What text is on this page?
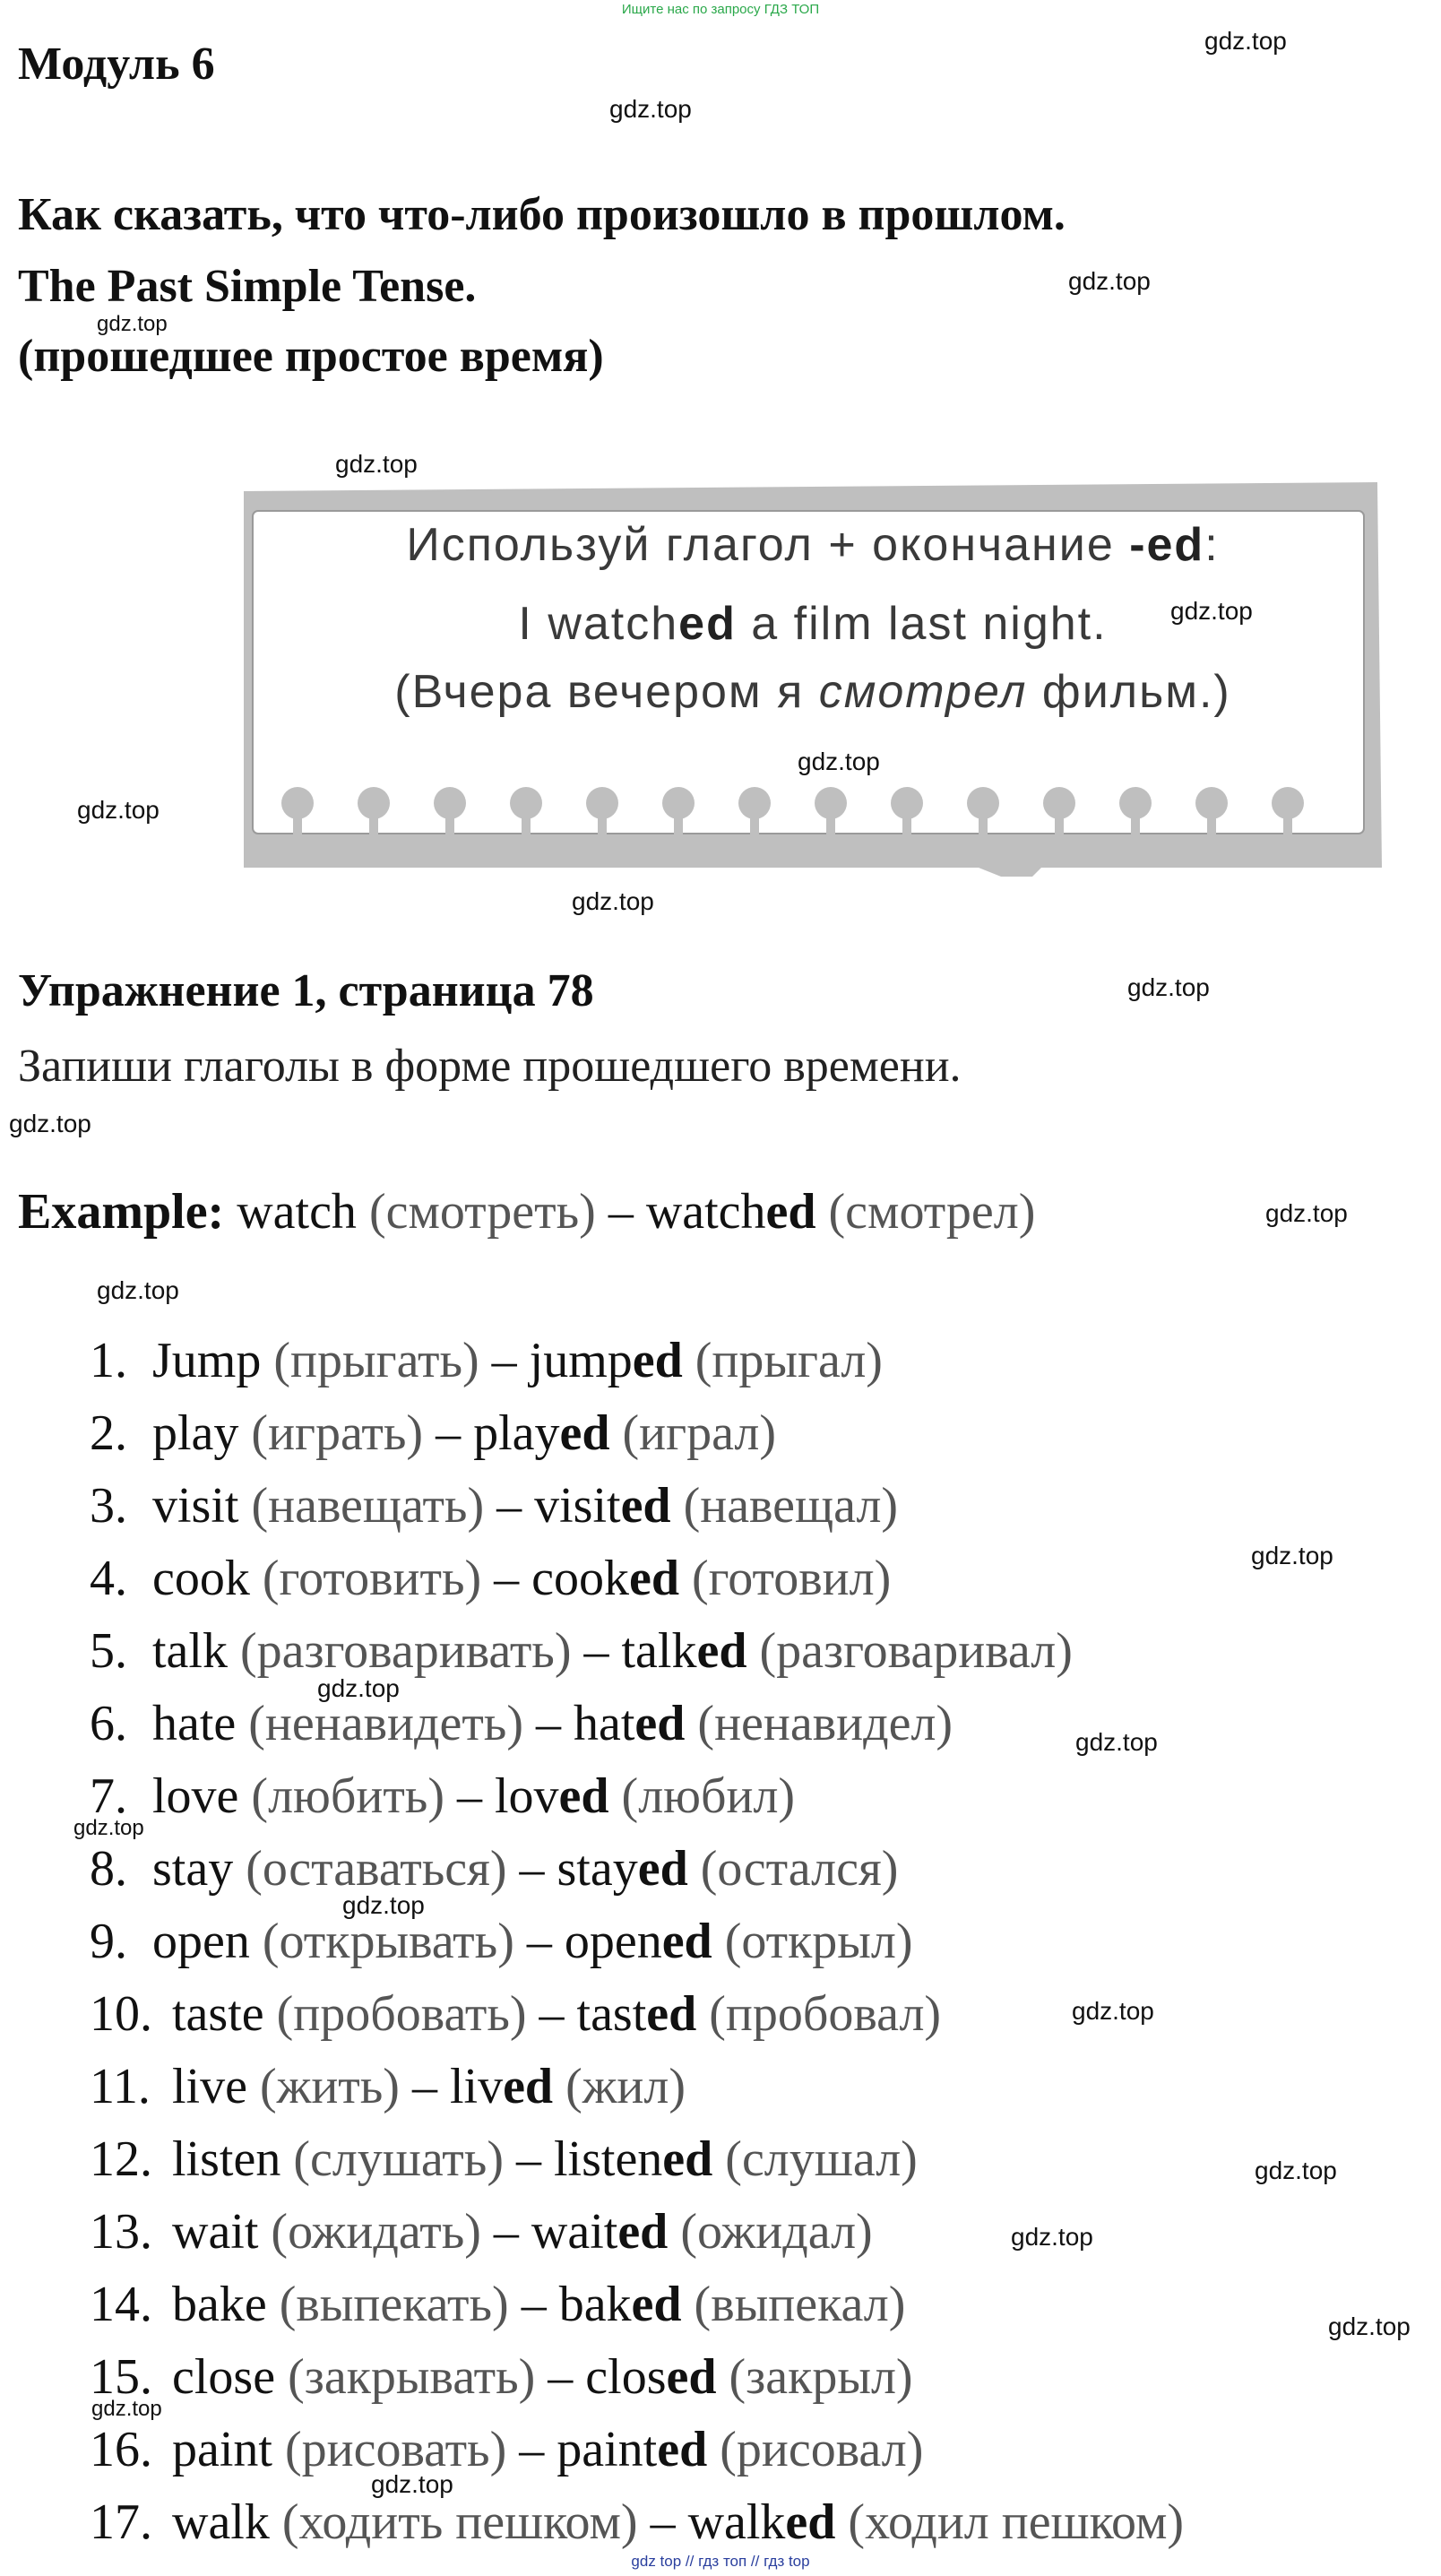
Ищите нас по запросу ГДЗ ТОП
Модуль 6
Как сказать, что что-либо произошло в прошлом.
The Past Simple Tense.
(прошедшее простое время)
Используй глагол + окончание -ed:
I watched a film last night.
(Вчера вечером я смотрел фильм.)
Упражнение 1, страница 78
Запиши глаголы в форме прошедшего времени.
Example: watch (смотреть) – watched (смотрел)
1. Jump (прыгать) – jumped (прыгал)
2. play (играть) – played (играл)
3. visit (навещать) – visited (навещал)
4. cook (готовить) – cooked (готовил)
5. talk (разговаривать) – talked (разговаривал)
6. hate (ненавидеть) – hated (ненавидел)
7. love (любить) – loved (любил)
8. stay (оставаться) – stayed (остался)
9. open (открывать) – opened (открыл)
10. taste (пробовать) – tasted (пробовал)
11. live (жить) – lived (жил)
12. listen (слушать) – listened (слушал)
13. wait (ожидать) – waited (ожидал)
14. bake (выпекать) – baked (выпекал)
15. close (закрывать) – closed (закрыл)
16. paint (рисовать) – painted (рисовал)
17. walk (ходить пешком) – walked (ходил пешком)
gdz.top
gdz.top
gdz.top
gdz.top
gdz.top
gdz.top
gdz.top
gdz.top
gdz.top
gdz.top
gdz.top
gdz.top
gdz.top
gdz.top
gdz.top
gdz.top
gdz.top
gdz.top
gdz.top
gdz.top
gdz.top
gdz.top
gdz.top
gdz.top
gdz top // гдз топ // гдз top
